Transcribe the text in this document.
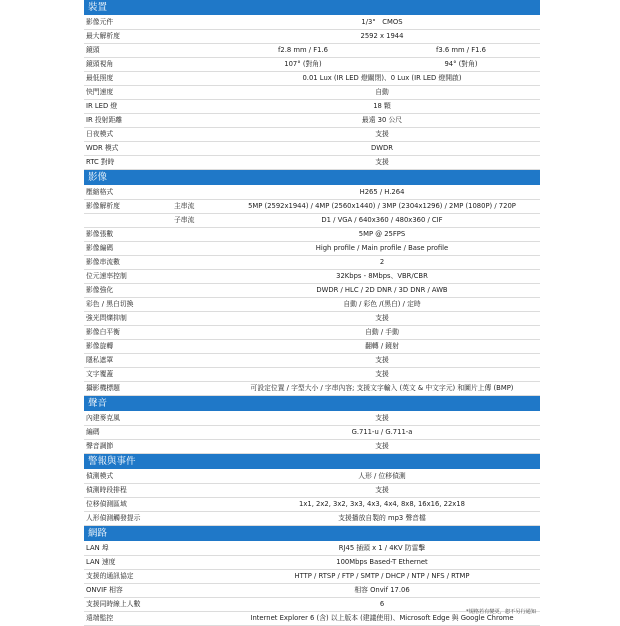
裝置
影像元件	1/3"　CMOS
最大解析度	2592 x 1944
鏡頭	f2.8 mm / F1.6	f3.6 mm / F1.6
鏡頭視角	107° (對角)	94° (對角)
最低照度	0.01 Lux (IR LED 燈關閉)、0 Lux (IR LED 燈開啟)
快門速度	自動
IR LED 燈	18 顆
IR 投射距離	最遠 30 公尺
日夜模式	支援
WDR 模式	DWDR
RTC 對時	支援
影像
壓縮格式	H265 / H.264
影像解析度	主串流	5MP (2592x1944) / 4MP (2560x1440) / 3MP (2304x1296) / 2MP (1080P) / 720P
子串流	D1 / VGA / 640x360 / 480x360 / CIF
影像張數	5MP @ 25FPS
影像編碼	High profile / Main profile / Base profile
影像串流數	2
位元速率控制	32Kbps - 8Mbps、VBR/CBR
影像強化	DWDR / HLC / 2D DNR / 3D DNR / AWB
彩色 / 黑白切換	自動 / 彩色 /(黑白) / 定時
強光問爍抑制	支援
影像白平衡	自動 / 手動
影像旋轉	翻轉 / 鏡射
隱私遮罩	支援
文字覆蓋	支援
攝影機標題	可設定位置 / 字型大小 / 字串內容; 支援文字輸入 (英文 & 中文字元) 和圖片上傳 (BMP)
聲音
內建麥克風	支援
編碼	G.711-u / G.711-a
聲音調節	支援
警報與事件
偵測模式	人形 / 位移偵測
偵測時段排程	支援
位移偵測區域	1x1, 2x2, 3x2, 3x3, 4x3, 4x4, 8x8, 16x16, 22x18
人形偵測觸發提示	支援播放自製的 mp3 聲音檔
網路
LAN 埠	RJ45 插頭 x 1 / 4KV 防雷擊
LAN 速度	100Mbps Based-T Ethernet
支援的通訊協定	HTTP / RTSP / FTP / SMTP / DHCP / NTP / NFS / RTMP
ONVIF 相容	相容 Onvif 17.06
支援同時線上人數	6
遠端監控	Internet Explorer 6 (含) 以上版本 (建議使用)、Microsoft Edge 與 Google Chrome
*規格若有變更，恕不另行通知
